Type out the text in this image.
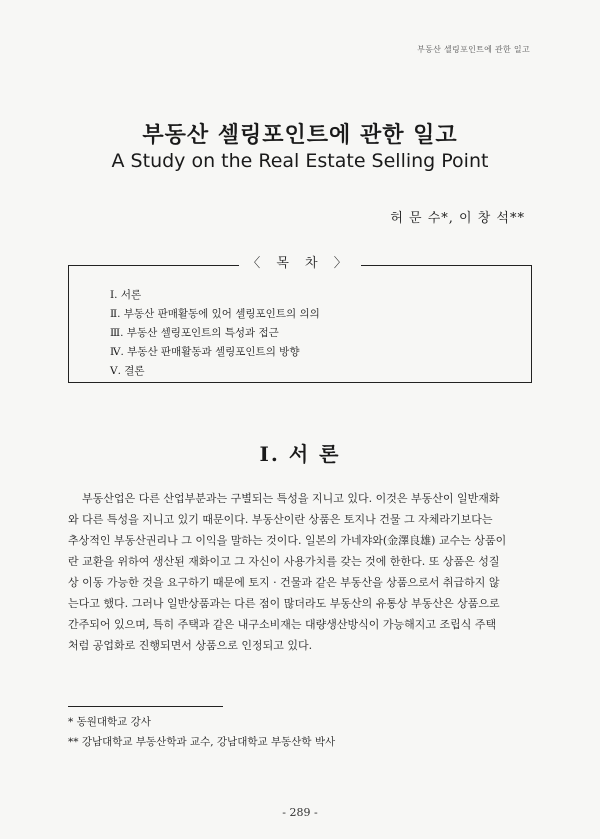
부동산 셀링포인트에 관한 일고
부동산 셀링포인트에 관한 일고
A Study on the Real Estate Selling Point
허 문 수*, 이 창 석**
〈 목 차 〉
Ⅰ. 서론
Ⅱ. 부동산 판매활동에 있어 셀링포인트의 의의
Ⅲ. 부동산 셀링포인트의 특성과 접근
Ⅳ. 부동산 판매활동과 셀링포인트의 방향
Ⅴ. 결론
Ⅰ. 서 론
부동산업은 다른 산업부분과는 구별되는 특성을 지니고 있다. 이것은 부동산이 일반재화
와 다른 특성을 지니고 있기 때문이다. 부동산이란 상품은 토지나 건물 그 자체라기보다는
추상적인 부동산권리나 그 이익을 말하는 것이다. 일본의 가네쟈와(金澤良雄) 교수는 상품이
란 교환을 위하여 생산된 재화이고 그 자신이 사용가치를 갖는 것에 한한다. 또 상품은 성질
상 이동 가능한 것을 요구하기 때문에 토지 · 건물과 같은 부동산을 상품으로서 취급하지 않
는다고 했다. 그러나 일반상품과는 다른 점이 많더라도 부동산의 유통상 부동산은 상품으로
간주되어 있으며, 특히 주택과 같은 내구소비재는 대량생산방식이 가능해지고 조립식 주택
처럼 공업화로 진행되면서 상품으로 인정되고 있다.
* 동원대학교 강사
** 강남대학교 부동산학과 교수, 강남대학교 부동산학 박사
- 289 -
